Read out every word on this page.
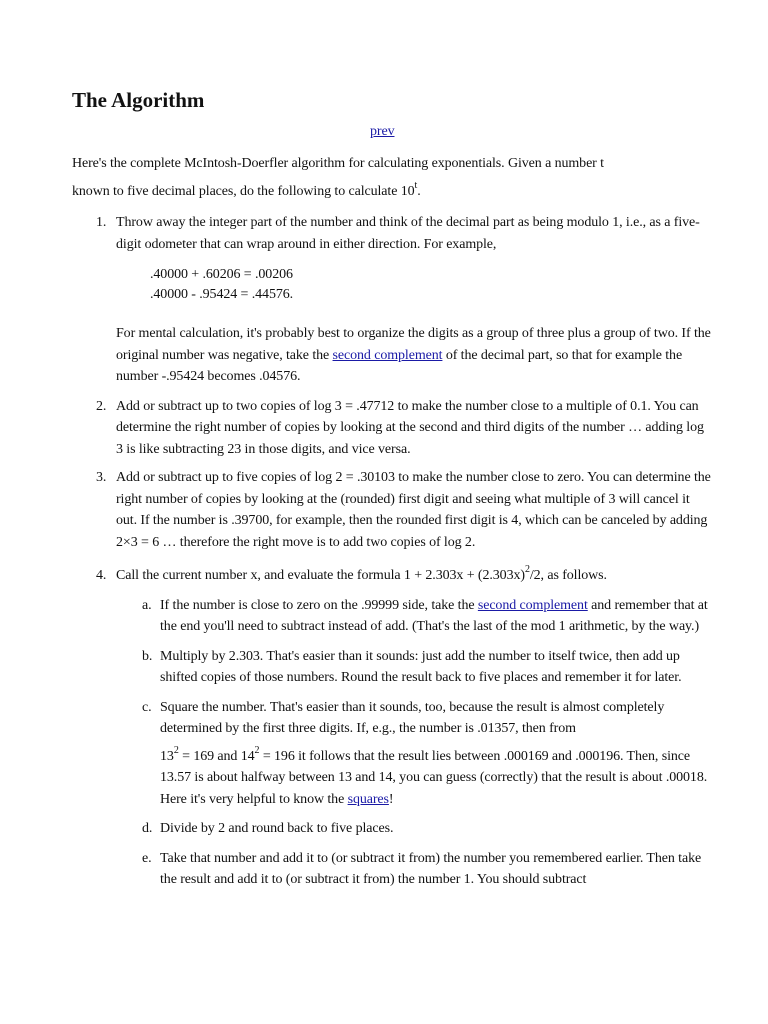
The Algorithm
prev

Here's the complete McIntosh-Doerfler algorithm for calculating exponentials. Given a number t
known to five decimal places, do the following to calculate 10$^t$.

1. Throw away the integer part of the number and think of the decimal part as being modulo 1, i.e., as a five-digit odometer that can wrap around in either direction. For example,

.40000 + .60206 = .00206
.40000 - .95424 = .44576.

For mental calculation, it's probably best to organize the digits as a group of three plus a group of two. If the original number was negative, take the second complement of the decimal part, so that for example the number -.95424 becomes .04576.

2. Add or subtract up to two copies of log 3 = .47712 to make the number close to a multiple of 0.1. You can determine the right number of copies by looking at the second and third digits of the number … adding log 3 is like subtracting 23 in those digits, and vice versa.

3. Add or subtract up to five copies of log 2 = .30103 to make the number close to zero. You can determine the right number of copies by looking at the (rounded) first digit and seeing what multiple of 3 will cancel it out. If the number is .39700, for example, then the rounded first digit is 4, which can be canceled by adding 2×3 = 6 … therefore the right move is to add two copies of log 2.

4. Call the current number x, and evaluate the formula $1 + 2.303x + (2.303x)^2/2$, as follows.

a. If the number is close to zero on the .99999 side, take the second complement and remember that at the end you'll need to subtract instead of add. (That's the last of the mod 1 arithmetic, by the way.)
b. Multiply by 2.303. That's easier than it sounds: just add the number to itself twice, then add up shifted copies of those numbers. Round the result back to five places and remember it for later.
c. Square the number. That's easier than it sounds, too, because the result is almost completely determined by the first three digits. If, e.g., the number is .01357, then from
$13^2 = 169$ and $14^2 = 196$ it follows that the result lies between .000169 and .000196. Then, since 13.57 is about halfway between 13 and 14, you can guess (correctly) that the result is about .00018. Here it's very helpful to know the squares!
d. Divide by 2 and round back to five places.
e. Take that number and add it to (or subtract it from) the number you remembered earlier. Then take the result and add it to (or subtract it from) the number 1. You should subtract
